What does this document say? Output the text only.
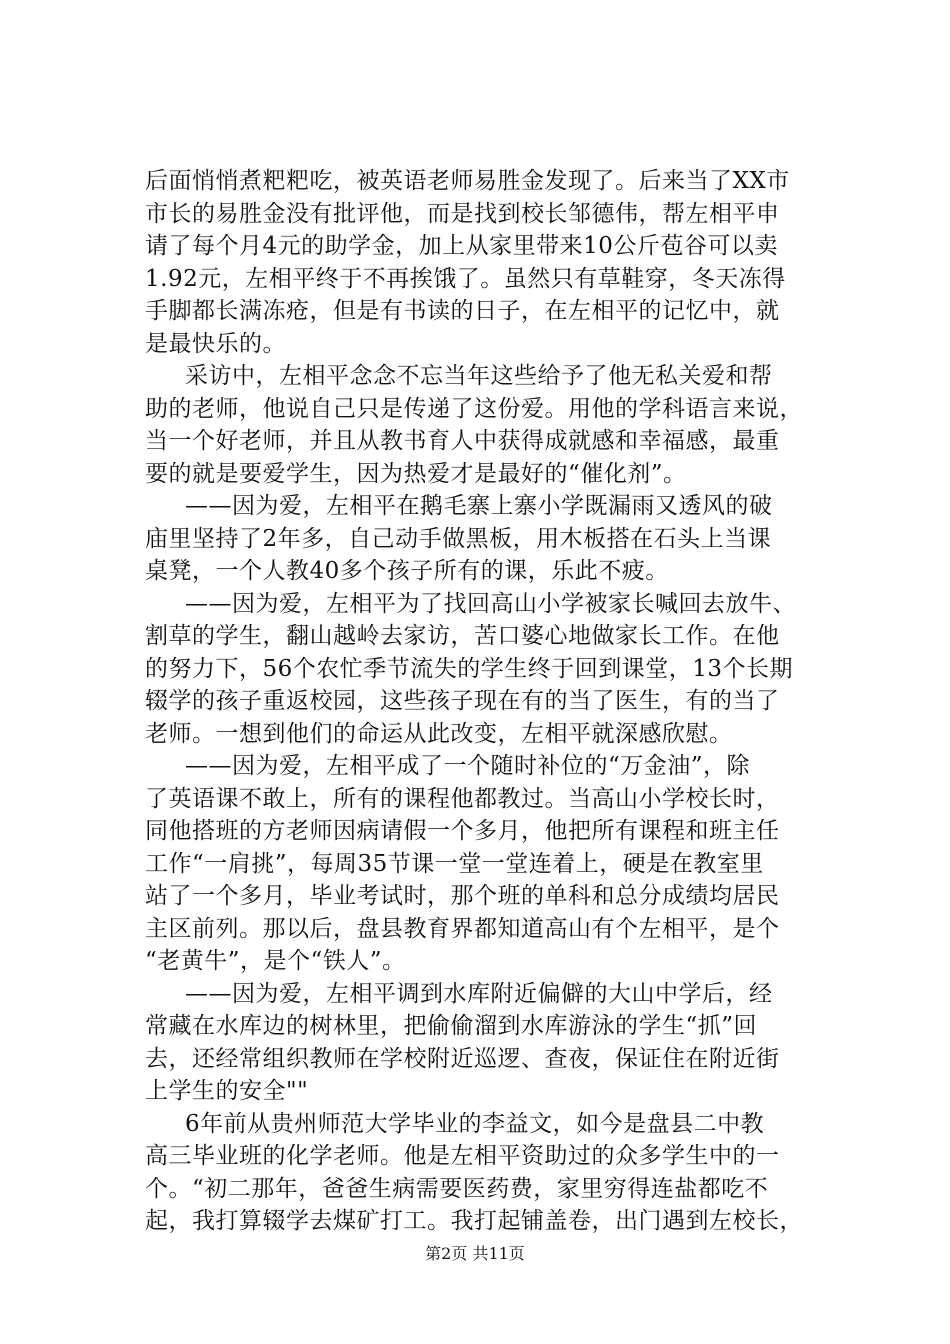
后面悄悄煮粑粑吃，被英语老师易胜金发现了。后来当了XX市
市长的易胜金没有批评他，而是找到校长邹德伟，帮左相平申
请了每个月4元的助学金，加上从家里带来10公斤苞谷可以卖
1.92元，左相平终于不再挨饿了。虽然只有草鞋穿，冬天冻得
手脚都长满冻疮，但是有书读的日子，在左相平的记忆中，就
是最快乐的。
采访中，左相平念念不忘当年这些给予了他无私关爱和帮
助的老师，他说自己只是传递了这份爱。用他的学科语言来说，
当一个好老师，并且从教书育人中获得成就感和幸福感，最重
要的就是要爱学生，因为热爱才是最好的“催化剂”。
——因为爱，左相平在鹅毛寨上寨小学既漏雨又透风的破
庙里坚持了2年多，自己动手做黑板，用木板搭在石头上当课
桌凳，一个人教40多个孩子所有的课，乐此不疲。
——因为爱，左相平为了找回高山小学被家长喊回去放牛、
割草的学生，翻山越岭去家访，苦口婆心地做家长工作。在他
的努力下，56个农忙季节流失的学生终于回到课堂，13个长期
辍学的孩子重返校园，这些孩子现在有的当了医生，有的当了
老师。一想到他们的命运从此改变，左相平就深感欣慰。
——因为爱，左相平成了一个随时补位的“万金油”，除
了英语课不敢上，所有的课程他都教过。当高山小学校长时，
同他搭班的方老师因病请假一个多月，他把所有课程和班主任
工作“一肩挑”，每周35节课一堂一堂连着上，硬是在教室里
站了一个多月，毕业考试时，那个班的单科和总分成绩均居民
主区前列。那以后，盘县教育界都知道高山有个左相平，是个
“老黄牛”，是个“铁人”。
——因为爱，左相平调到水库附近偏僻的大山中学后，经
常藏在水库边的树林里，把偷偷溜到水库游泳的学生“抓”回
去，还经常组织教师在学校附近巡逻、查夜，保证住在附近街
上学生的安全""
6年前从贵州师范大学毕业的李益文，如今是盘县二中教
高三毕业班的化学老师。他是左相平资助过的众多学生中的一
个。“初二那年，爸爸生病需要医药费，家里穷得连盐都吃不
起，我打算辍学去煤矿打工。我打起铺盖卷，出门遇到左校长，
第2页 共11页
